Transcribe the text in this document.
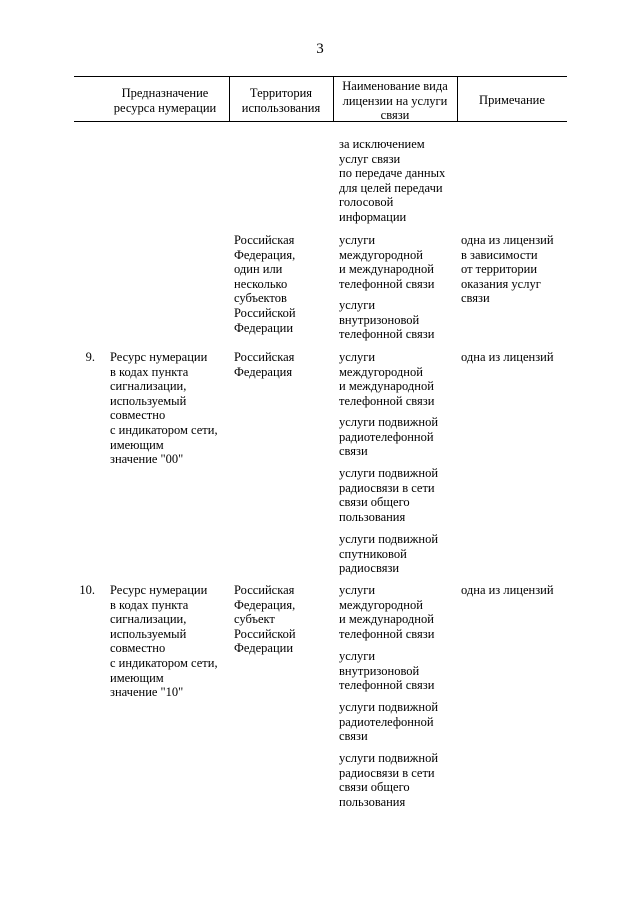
3
Предназначение
ресурса нумерации
Территория
использования
Наименование вида
лицензии на услуги
связи
Примечание
за исключением
услуг связи
по передаче данных
для целей передачи
голосовой
информации
Российская
Федерация,
один или
несколько
субъектов
Российской
Федерации
услуги
междугородной
и международной
телефонной связи
услуги
внутризоновой
телефонной связи
одна из лицензий
в зависимости
от территории
оказания услуг
связи
9. Ресурс нумерации
в кодах пункта
сигнализации,
используемый
совместно
с индикатором сети,
имеющим
значение "00"
Российская
Федерация
услуги
междугородной
и международной
телефонной связи
услуги подвижной
радиотелефонной
связи
услуги подвижной
радиосвязи в сети
связи общего
пользования
услуги подвижной
спутниковой
радиосвязи
одна из лицензий
10. Ресурс нумерации
в кодах пункта
сигнализации,
используемый
совместно
с индикатором сети,
имеющим
значение "10"
Российская
Федерация,
субъект
Российской
Федерации
услуги
междугородной
и международной
телефонной связи
услуги
внутризоновой
телефонной связи
услуги подвижной
радиотелефонной
связи
услуги подвижной
радиосвязи в сети
связи общего
пользования
одна из лицензий
